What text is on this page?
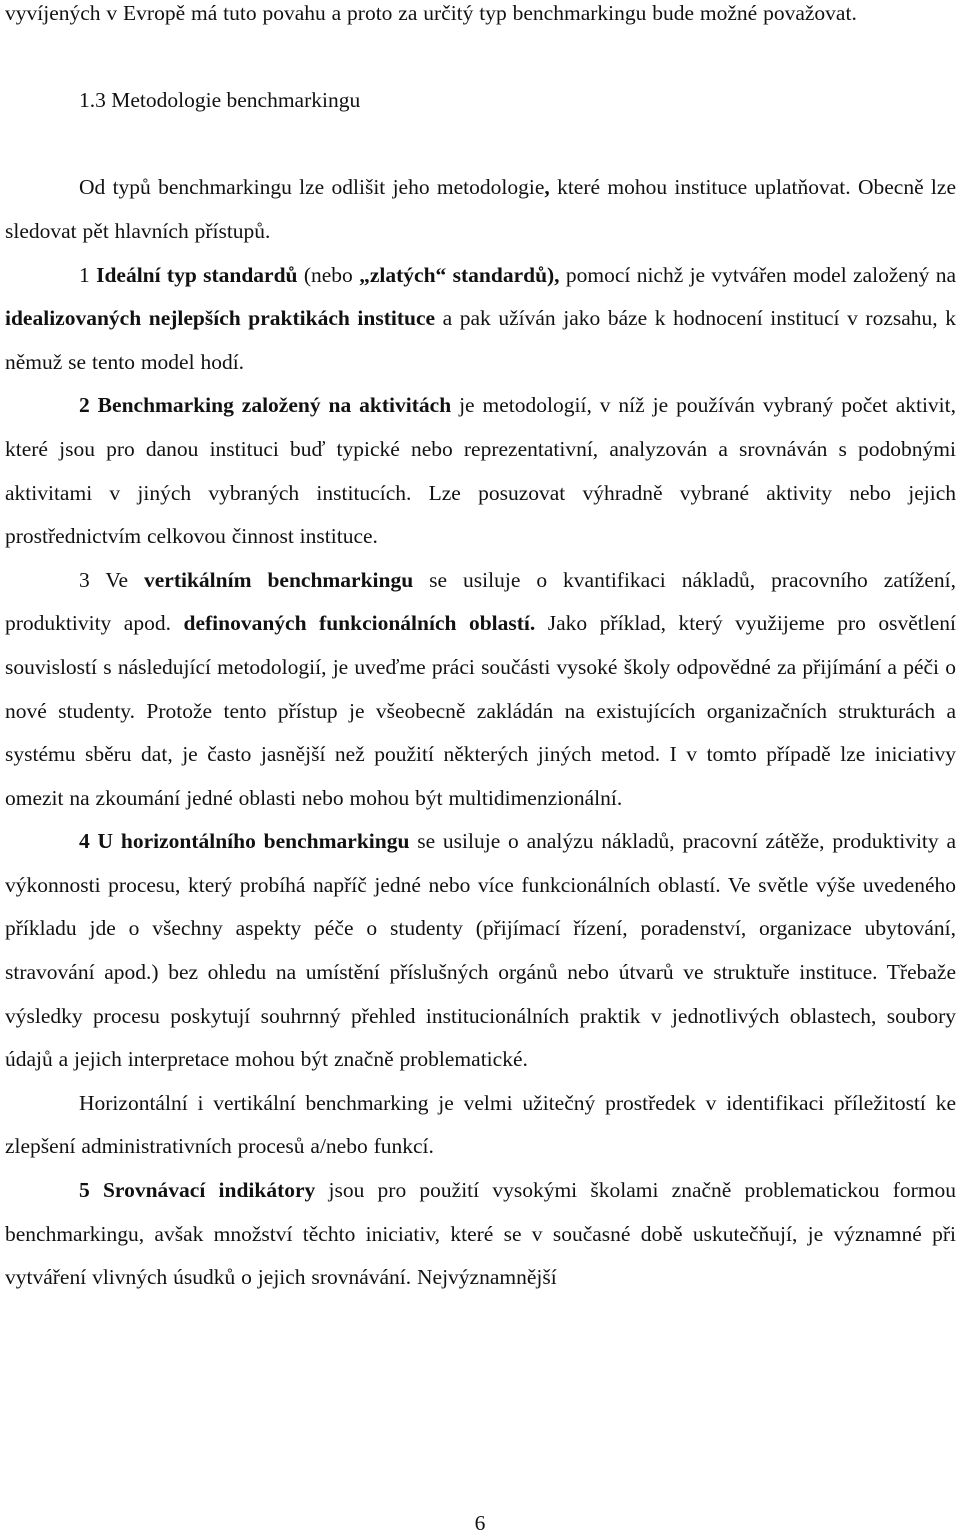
vyvíjených v Evropě má tuto povahu a proto za určitý typ benchmarkingu bude možné považovat.

1.3 Metodologie benchmarkingu

Od typů benchmarkingu lze odlišit jeho metodologie, které mohou instituce uplatňovat. Obecně lze sledovat pět hlavních přístupů.

1 Ideální typ standardů (nebo „zlatých“ standardů), pomocí nichž je vytvářen model založený na idealizovaných nejlepších praktikách instituce a pak užíván jako báze k hodnocení institucí v rozsahu, k němuž se tento model hodí.

2 Benchmarking založený na aktivitách je metodologií, v níž je používán vybraný počet aktivit, které jsou pro danou instituci buď typické nebo reprezentativní, analyzován a srovnáván s podobnými aktivitami v jiných vybraných institucích. Lze posuzovat výhradně vybrané aktivity nebo jejich prostřednictvím celkovou činnost instituce.

3 Ve vertikálním benchmarkingu se usiluje o kvantifikaci nákladů, pracovního zatížení, produktivity apod. definovaných funkcionálních oblastí. Jako příklad, který využijeme pro osvětlení souvislostí s následující metodologií, je uveďme práci součásti vysoké školy odpovědné za přijímání a péči o nové studenty. Protože tento přístup je všeobecně zakládán na existujících organizačních strukturách a systému sběru dat, je často jasnější než použití některých jiných metod. I v tomto případě lze iniciativy omezit na zkoumání jedné oblasti nebo mohou být multidimenzionální.

4 U horizontálního benchmarkingu se usiluje o analýzu nákladů, pracovní zátěže, produktivity a výkonnosti procesu, který probíhá napříč jedné nebo více funkcionálních oblastí. Ve světle výše uvedeného příkladu jde o všechny aspekty péče o studenty (přijímací řízení, poradenství, organizace ubytování, stravování apod.) bez ohledu na umístění příslušných orgánů nebo útvarů ve struktuře instituce. Třebaže výsledky procesu poskytují souhrnný přehled institucionálních praktik v jednotlivých oblastech, soubory údajů a jejich interpretace mohou být značně problematické.

Horizontální i vertikální benchmarking je velmi užitečný prostředek v identifikaci příležitostí ke zlepšení administrativních procesů a/nebo funkcí.

5 Srovnávací indikátory jsou pro použití vysokými školami značně problematickou formou benchmarkingu, avšak množství těchto iniciativ, které se v současné době uskutečňují, je významné při vytváření vlivných úsudků o jejich srovnávání. Nejvýznamnější

6
